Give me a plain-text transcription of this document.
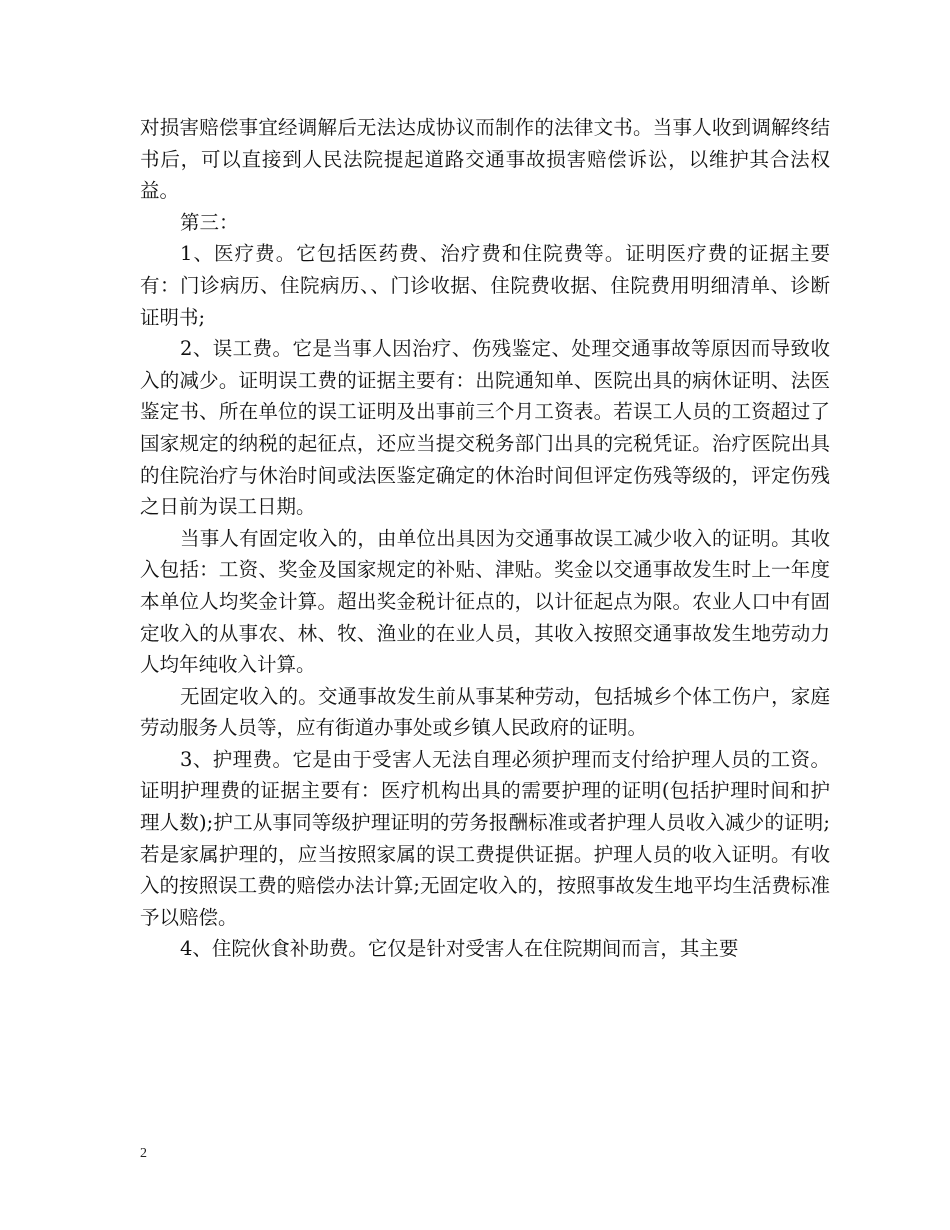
对损害赔偿事宜经调解后无法达成协议而制作的法律文书。当事人收到调解终结书后，可以直接到人民法院提起道路交通事故损害赔偿诉讼，以维护其合法权益。

第三：

1、医疗费。它包括医药费、治疗费和住院费等。证明医疗费的证据主要有：门诊病历、住院病历、、门诊收据、住院费收据、住院费用明细清单、诊断证明书;

2、误工费。它是当事人因治疗、伤残鉴定、处理交通事故等原因而导致收入的减少。证明误工费的证据主要有：出院通知单、医院出具的病休证明、法医鉴定书、所在单位的误工证明及出事前三个月工资表。若误工人员的工资超过了国家规定的纳税的起征点，还应当提交税务部门出具的完税凭证。治疗医院出具的住院治疗与休治时间或法医鉴定确定的休治时间但评定伤残等级的，评定伤残之日前为误工日期。

当事人有固定收入的，由单位出具因为交通事故误工减少收入的证明。其收入包括：工资、奖金及国家规定的补贴、津贴。奖金以交通事故发生时上一年度本单位人均奖金计算。超出奖金税计征点的，以计征起点为限。农业人口中有固定收入的从事农、林、牧、渔业的在业人员，其收入按照交通事故发生地劳动力人均年纯收入计算。

无固定收入的。交通事故发生前从事某种劳动，包括城乡个体工伤户，家庭劳动服务人员等，应有街道办事处或乡镇人民政府的证明。

3、护理费。它是由于受害人无法自理必须护理而支付给护理人员的工资。证明护理费的证据主要有：医疗机构出具的需要护理的证明(包括护理时间和护理人数);护工从事同等级护理证明的劳务报酬标准或者护理人员收入减少的证明;若是家属护理的，应当按照家属的误工费提供证据。护理人员的收入证明。有收入的按照误工费的赔偿办法计算;无固定收入的，按照事故发生地平均生活费标准予以赔偿。

4、住院伙食补助费。它仅是针对受害人在住院期间而言，其主要

2
